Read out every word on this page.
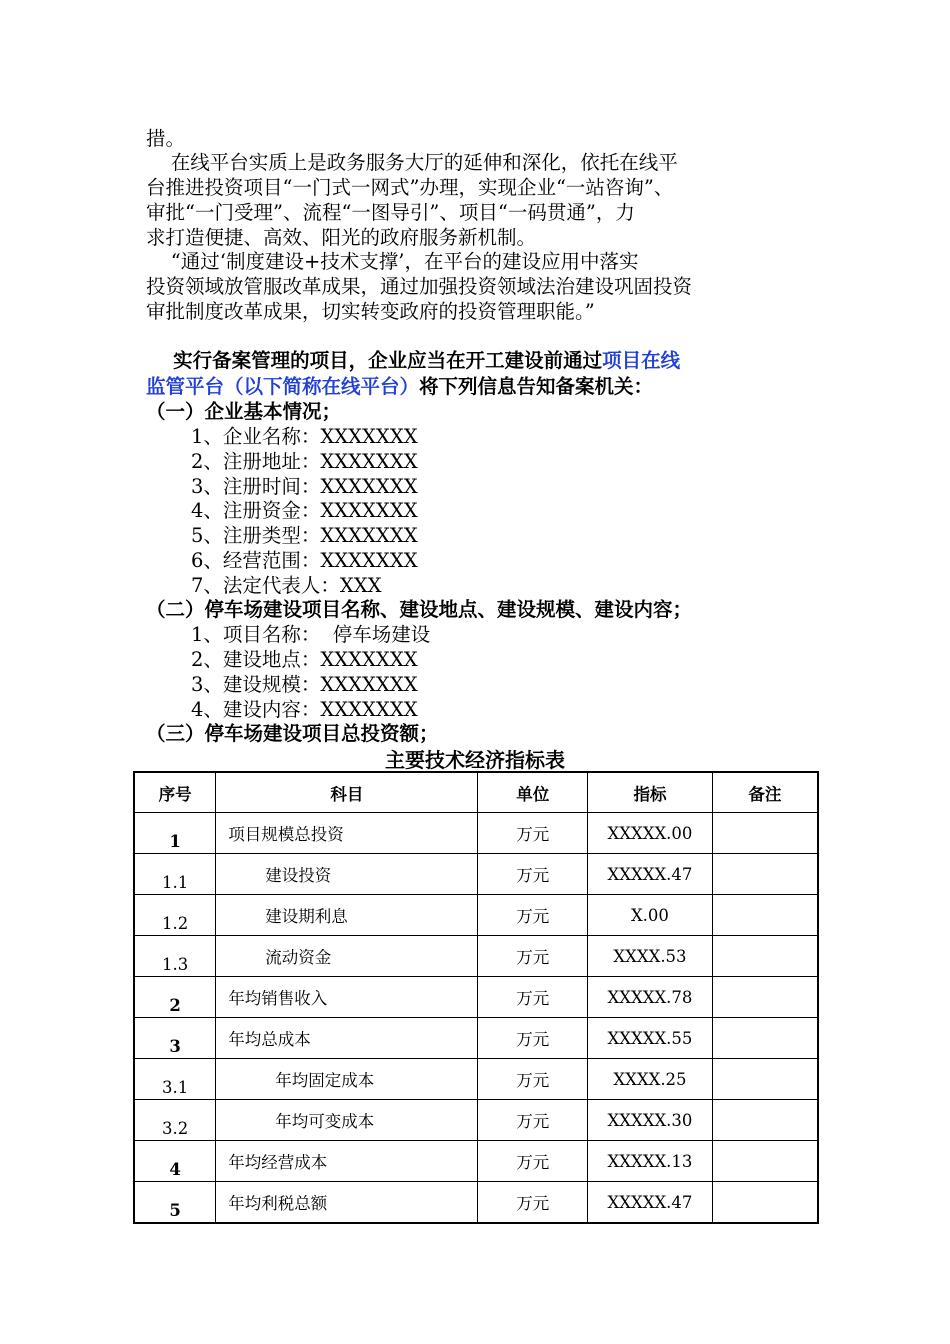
措。
在线平台实质上是政务服务大厅的延伸和深化，依托在线平
台推进投资项目“一门式一网式”办理，实现企业“一站咨询”、
审批“一门受理”、流程“一图导引”、项目“一码贯通”，力
求打造便捷、高效、阳光的政府服务新机制。
“通过‘制度建设+技术支撑’，在平台的建设应用中落实
投资领域放管服改革成果，通过加强投资领域法治建设巩固投资
审批制度改革成果，切实转变政府的投资管理职能。”
实行备案管理的项目，企业应当在开工建设前通过项目在线
监管平台（以下简称在线平台）将下列信息告知备案机关：
（一）企业基本情况；
1、企业名称：XXXXXXX
2、注册地址：XXXXXXX
3、注册时间：XXXXXXX
4、注册资金：XXXXXXX
5、注册类型：XXXXXXX
6、经营范围：XXXXXXX
7、法定代表人：XXX
（二）停车场建设项目名称、建设地点、建设规模、建设内容；
1、项目名称：  停车场建设
2、建设地点：XXXXXXX
3、建设规模：XXXXXXX
4、建设内容：XXXXXXX
（三）停车场建设项目总投资额；
主要技术经济指标表
序号	科目	单位	指标	备注
1	项目规模总投资	万元	XXXXX.00	
1.1	建设投资	万元	XXXXX.47	
1.2	建设期利息	万元	X.00	
1.3	流动资金	万元	XXXX.53	
2	年均销售收入	万元	XXXXX.78	
3	年均总成本	万元	XXXXX.55	
3.1	年均固定成本	万元	XXXX.25	
3.2	年均可变成本	万元	XXXXX.30	
4	年均经营成本	万元	XXXXX.13	
5	年均利税总额	万元	XXXXX.47	
